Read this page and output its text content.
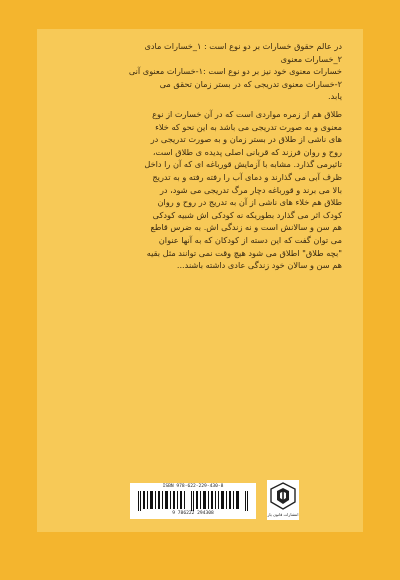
در عالم حقوق خسارات بر دو نوع است : ۱_خسارات مادی
۲_خسارات معنوی
خسارات معنوی خود نیز بر دو نوع است :۱-خسارات معنوی آنی
۲-خسارات معنوی تدریجی که در بستر زمان تحقق می
یابد.

طلاق هم از زمره مواردی است که در آن خسارت از نوع
معنوی و به صورت تدریجی می باشد به این نحو که خلاء
های ناشی از طلاق در بستر زمان و به صورت تدریجی در
روح و روان فرزند که قربانی اصلی پدیده ی طلاق است،
تاثیرمی گذارد. مشابه با آزمایش قورباغه ای که آن را داخل
ظرف آبی می گذارند و دمای آب را رفته رفته و به تدریج
بالا می برند و قورباغه دچار مرگ تدریجی می شود، در
طلاق هم خلاء های ناشی از آن به تدریج در روح و روان
کودک اثر می گذارد بطوریکه نه کودکی اش شبیه کودکی
هم سن و سالانش است و نه زندگی اش. به ضرس قاطع
می توان گفت که این دسته از کودکان که به آنها عنوان
"بچه طلاق" اطلاق می شود هیچ وقت نمی توانند مثل بقیه
هم سن و سالان خود زندگی عادی داشته باشند...

ISBN 978-622-229-430-8
9 786222 294308	انتشارات قانون یار
